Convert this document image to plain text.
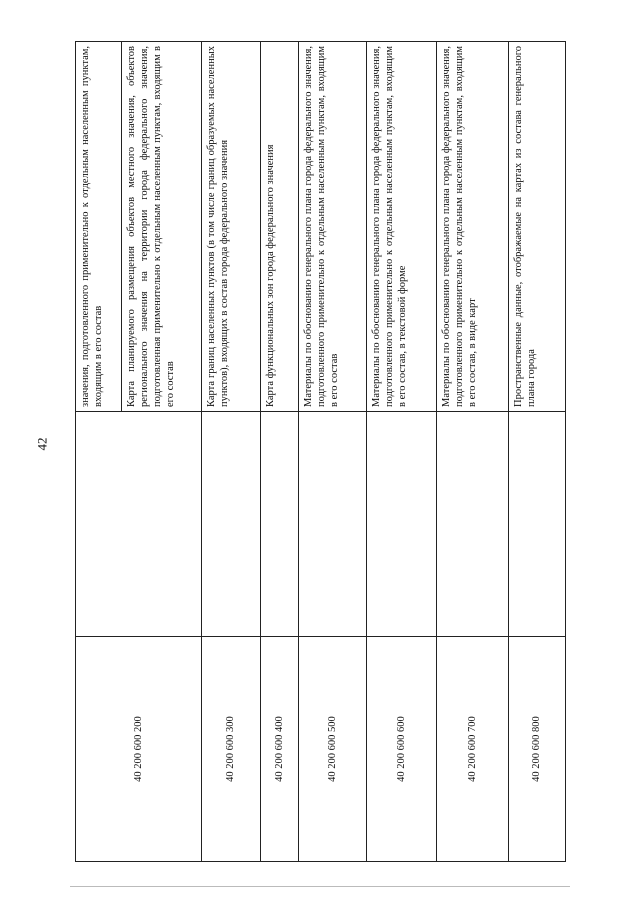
42
40 200 600 200		значения, подготовленного применительно к отдельным населенным пунктам, входящим в его состав
		Карта планируемого размещения объектов местного значения, объектов регионального значения на территории города федерального значения, подготовленная применительно к отдельным населенным пунктам, входящим в его состав
40 200 600 300		Карта границ населенных пунктов (в том числе границ образуемых населенных пунктов), входящих в состав города федерального значения
40 200 600 400		Карта функциональных зон города федерального значения
40 200 600 500		Материалы по обоснованию генерального плана города федерального значения, подготовленного применительно к отдельным населенным пунктам, входящим в его состав
40 200 600 600		Материалы по обоснованию генерального плана города федерального значения, подготовленного применительно к отдельным населенным пунктам, входящим в его состав, в текстовой форме
40 200 600 700		Материалы по обоснованию генерального плана города федерального значения, подготовленного применительно к отдельным населенным пунктам, входящим в его состав, в виде карт
40 200 600 800		Пространственные данные, отображаемые на картах из состава генерального плана города
